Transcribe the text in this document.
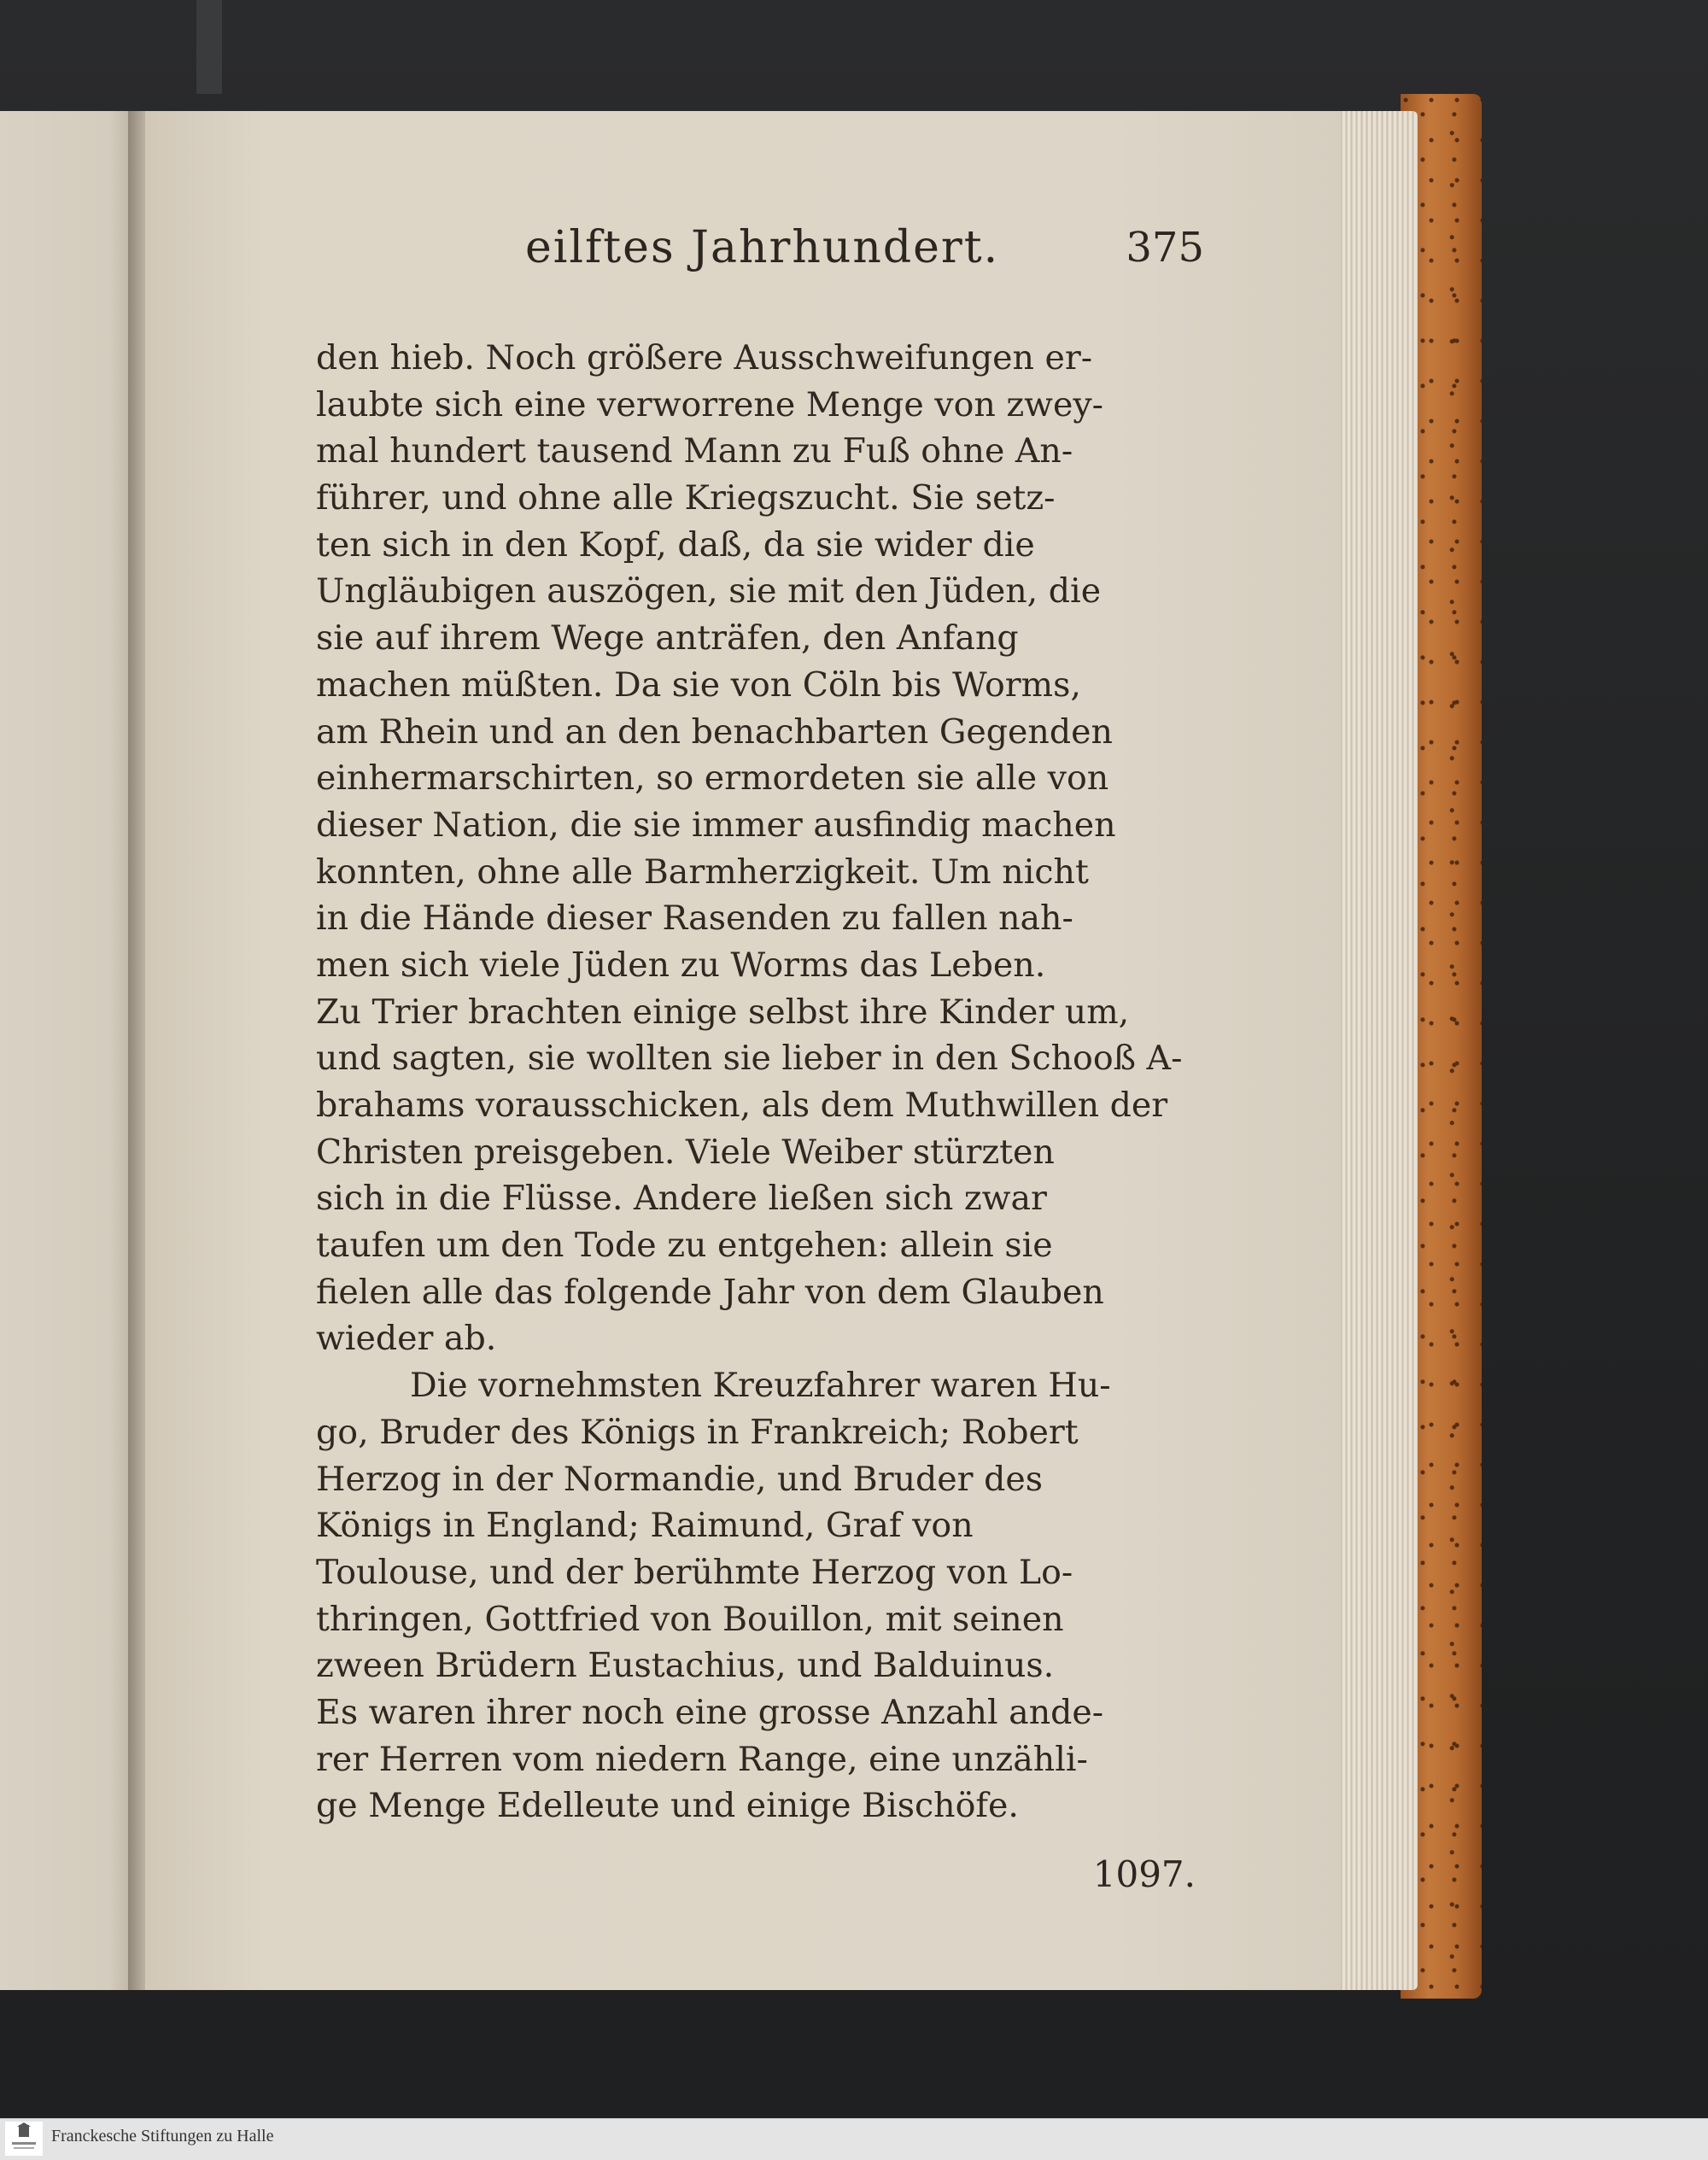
eilftes Jahrhundert.	375
den hieb. Noch größere Ausschweifungen er-
laubte sich eine verworrene Menge von zwey-
mal hundert tausend Mann zu Fuß ohne An-
führer, und ohne alle Kriegszucht. Sie setz-
ten sich in den Kopf, daß, da sie wider die
Ungläubigen auszögen, sie mit den Jüden, die
sie auf ihrem Wege anträfen, den Anfang
machen müßten. Da sie von Cöln bis Worms,
am Rhein und an den benachbarten Gegenden
einhermarschirten, so ermordeten sie alle von
dieser Nation, die sie immer ausfindig machen
konnten, ohne alle Barmherzigkeit. Um nicht
in die Hände dieser Rasenden zu fallen nah-
men sich viele Jüden zu Worms das Leben.
Zu Trier brachten einige selbst ihre Kinder um,
und sagten, sie wollten sie lieber in den Schooß A-
brahams vorausschicken, als dem Muthwillen der
Christen preisgeben. Viele Weiber stürzten
sich in die Flüsse. Andere ließen sich zwar
taufen um den Tode zu entgehen: allein sie
fielen alle das folgende Jahr von dem Glauben
wieder ab.
Die vornehmsten Kreuzfahrer waren Hu-
go, Bruder des Königs in Frankreich; Robert
Herzog in der Normandie, und Bruder des
Königs in England; Raimund, Graf von
Toulouse, und der berühmte Herzog von Lo-
thringen, Gottfried von Bouillon, mit seinen
zween Brüdern Eustachius, und Balduinus.
Es waren ihrer noch eine grosse Anzahl ande-
rer Herren vom niedern Range, eine unzähli-
ge Menge Edelleute und einige Bischöfe.
1097.
Franckesche Stiftungen zu Halle
